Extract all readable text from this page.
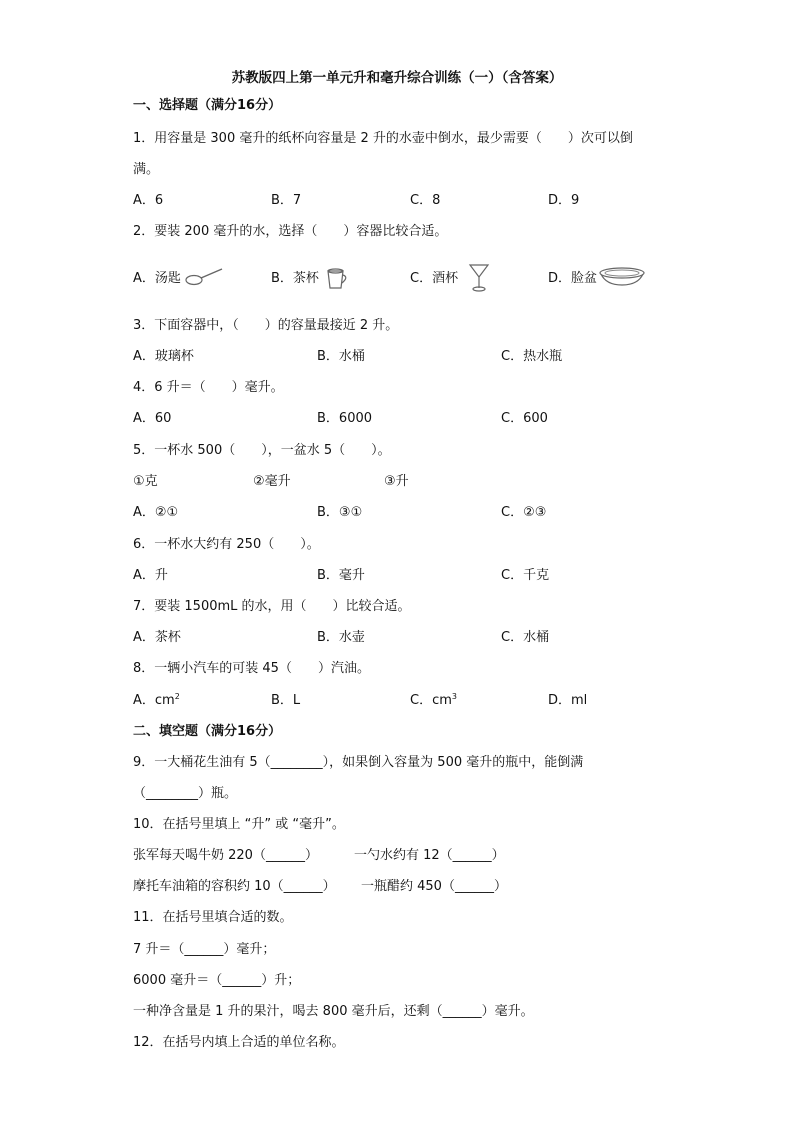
苏教版四上第一单元升和毫升综合训练（一）（含答案）
一、选择题（满分16分）
1．用容量是 300 毫升的纸杯向容量是 2 升的水壶中倒水，最少需要（　　）次可以倒
满。
A．6	B．7	C．8	D．9
2．要装 200 毫升的水，选择（　　）容器比较合适。
A．汤匙	B．茶杯	C．酒杯	D．脸盆
3．下面容器中，（　　）的容量最接近 2 升。
A．玻璃杯	B．水桶	C．热水瓶
4．6 升＝（　　）毫升。
A．60	B．6000	C．600
5．一杯水 500（　　），一盆水 5（　　）。
①克	②毫升	③升
A．②①	B．③①	C．②③
6．一杯水大约有 250（　　）。
A．升	B．毫升	C．千克
7．要装 1500mL 的水，用（　　）比较合适。
A．茶杯	B．水壶	C．水桶
8．一辆小汽车的可装 45（　　）汽油。
A．$cm^2$	B．L	C．$cm^3$	D．ml
二、填空题（满分16分）
9．一大桶花生油有 5（________），如果倒入容量为 500 毫升的瓶中，能倒满
（________）瓶。
10．在括号里填上 “升” 或 “毫升”。
张军每天喝牛奶 220（______）	一勺水约有 12（______）
摩托车油箱的容积约 10（______） 一瓶醋约 450（______）
11．在括号里填合适的数。
7 升＝（______）毫升；
6000 毫升＝（______）升；
一种净含量是 1 升的果汁，喝去 800 毫升后，还剩（______）毫升。
12．在括号内填上合适的单位名称。
